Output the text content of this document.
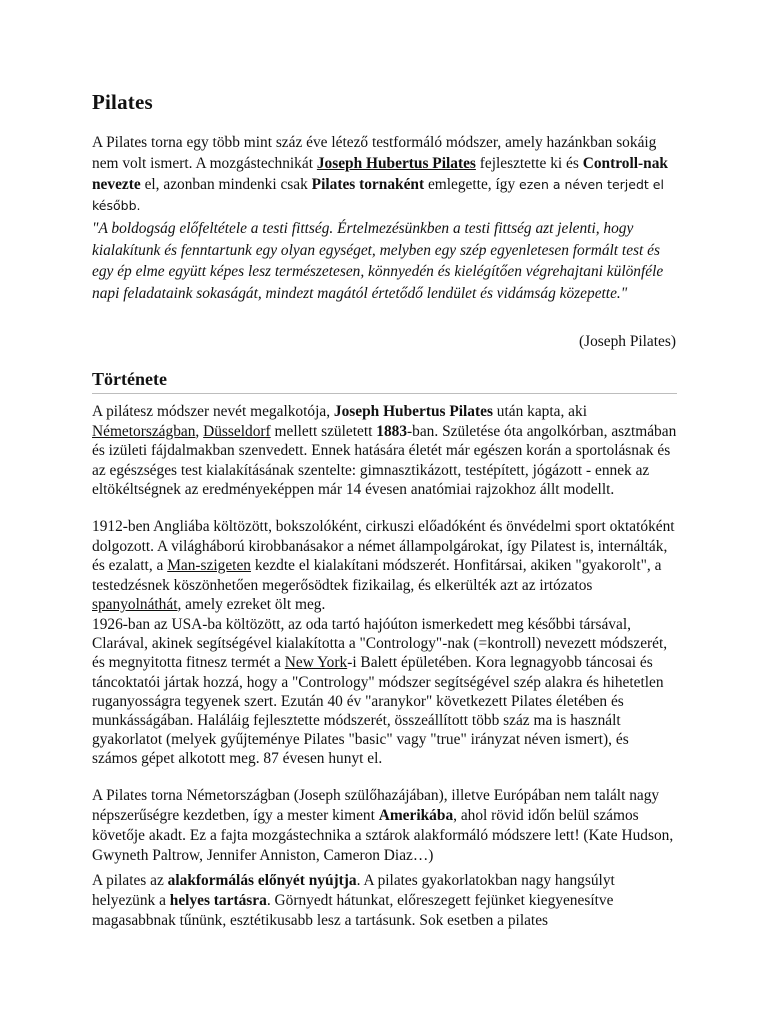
Pilates

A Pilates torna egy több mint száz éve létező testformáló módszer, amely hazánkban sokáig nem volt ismert. A mozgástechnikát Joseph Hubertus Pilates fejlesztette ki és Controll-nak nevezte el, azonban mindenki csak Pilates tornaként emlegette, így ezen a néven terjedt el később.

"A boldogság előfeltétele a testi fittség. Értelmezésünkben a testi fittség azt jelenti, hogy kialakítunk és fenntartunk egy olyan egységet, melyben egy szép egyenletesen formált test és egy ép elme együtt képes lesz természetesen, könnyedén és kielégítően végrehajtani különféle napi feladataink sokaságát, mindezt magától értetődő lendület és vidámság közepette."

(Joseph Pilates)

Története

A pilátesz módszer nevét megalkotója, Joseph Hubertus Pilates után kapta, aki Németországban, Düsseldorf mellett született 1883-ban. Születése óta angolkórban, asztmában és izületi fájdalmakban szenvedett. Ennek hatására életét már egészen korán a sportolásnak és az egészséges test kialakításának szentelte: gimnasztikázott, testépített, jógázott - ennek az eltökéltségnek az eredményeképpen már 14 évesen anatómiai rajzokhoz állt modellt.

1912-ben Angliába költözött, bokszolóként, cirkuszi előadóként és önvédelmi sport oktatóként dolgozott. A világháború kirobbanásakor a német állampolgárokat, így Pilatest is, internálták, és ezalatt, a Man-szigeten kezdte el kialakítani módszerét. Honfitársai, akiken "gyakorolt", a testedzésnek köszönhetően megerősödtek fizikailag, és elkerülték azt az irtózatos spanyolnáthát, amely ezreket ölt meg.

1926-ban az USA-ba költözött, az oda tartó hajóúton ismerkedett meg későbbi társával, Clarával, akinek segítségével kialakította a "Contrology"-nak (=kontroll) nevezett módszerét, és megnyitotta fitnesz termét a New York-i Balett épületében. Kora legnagyobb táncosai és táncoktatói jártak hozzá, hogy a "Contrology" módszer segítségével szép alakra és hihetetlen ruganyosságra tegyenek szert. Ezután 40 év "aranykor" következett Pilates életében és munkásságában. Haláláig fejlesztette módszerét, összeállított több száz ma is használt gyakorlatot (melyek gyűjteménye Pilates "basic" vagy "true" irányzat néven ismert), és számos gépet alkotott meg. 87 évesen hunyt el.

A Pilates torna Németországban (Joseph szülőhazájában), illetve Európában nem talált nagy népszerűségre kezdetben, így a mester kiment Amerikába, ahol rövid időn belül számos követője akadt. Ez a fajta mozgástechnika a sztárok alakformáló módszere lett! (Kate Hudson, Gwyneth Paltrow, Jennifer Anniston, Cameron Diaz…)

A pilates az alakformálás előnyét nyújtja. A pilates gyakorlatokban nagy hangsúlyt helyezünk a helyes tartásra. Görnyedt hátunkat, előreszegett fejünket kiegyenesítve magasabbnak tűnünk, esztétikusabb lesz a tartásunk. Sok esetben a pilates
